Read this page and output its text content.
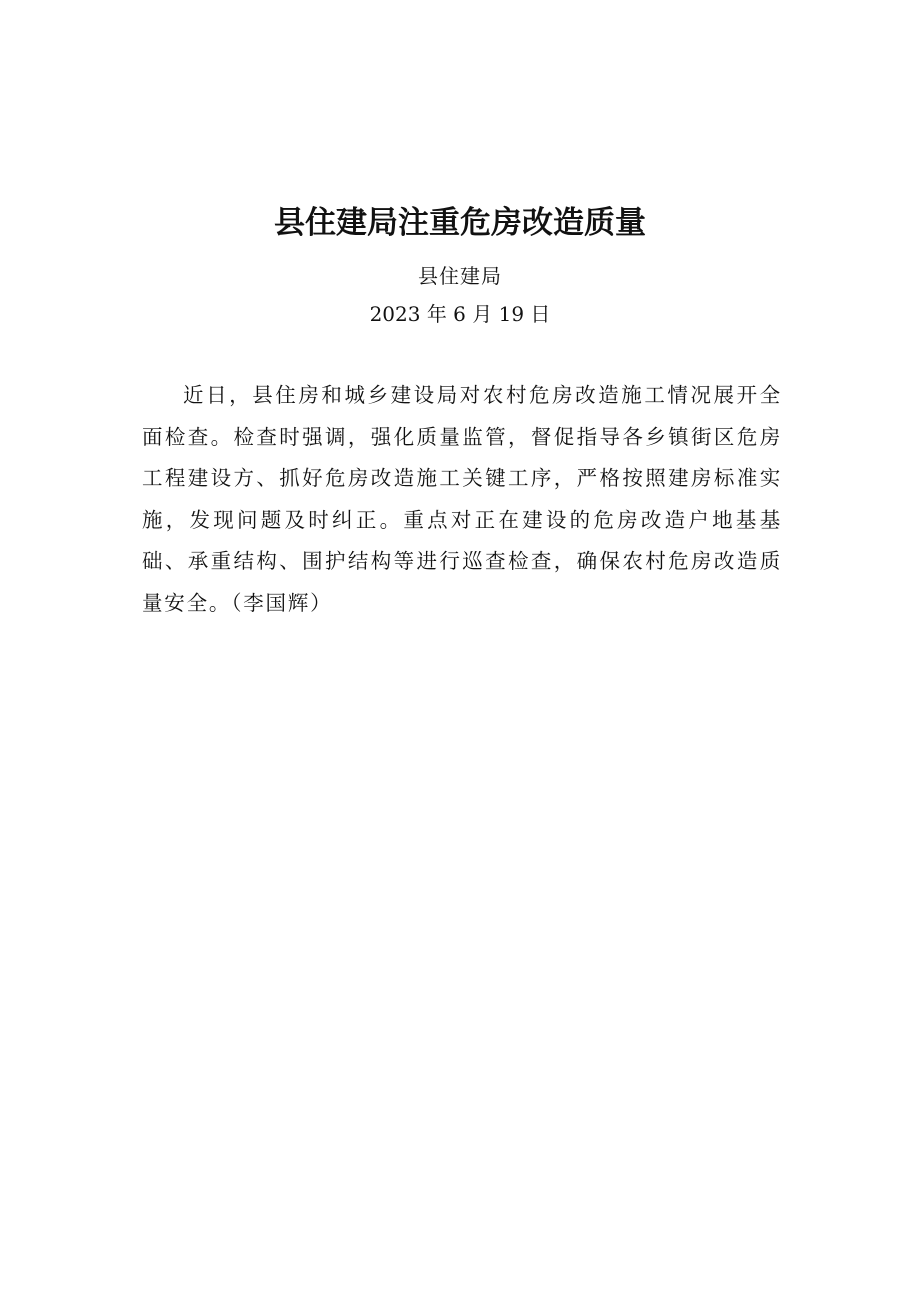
县住建局注重危房改造质量
县住建局
2023 年 6 月 19 日

近日，县住房和城乡建设局对农村危房改造施工情况展开全面检查。检查时强调，强化质量监管，督促指导各乡镇街区危房工程建设方、抓好危房改造施工关键工序，严格按照建房标准实施，发现问题及时纠正。重点对正在建设的危房改造户地基基础、承重结构、围护结构等进行巡查检查，确保农村危房改造质量安全。（李国辉）
